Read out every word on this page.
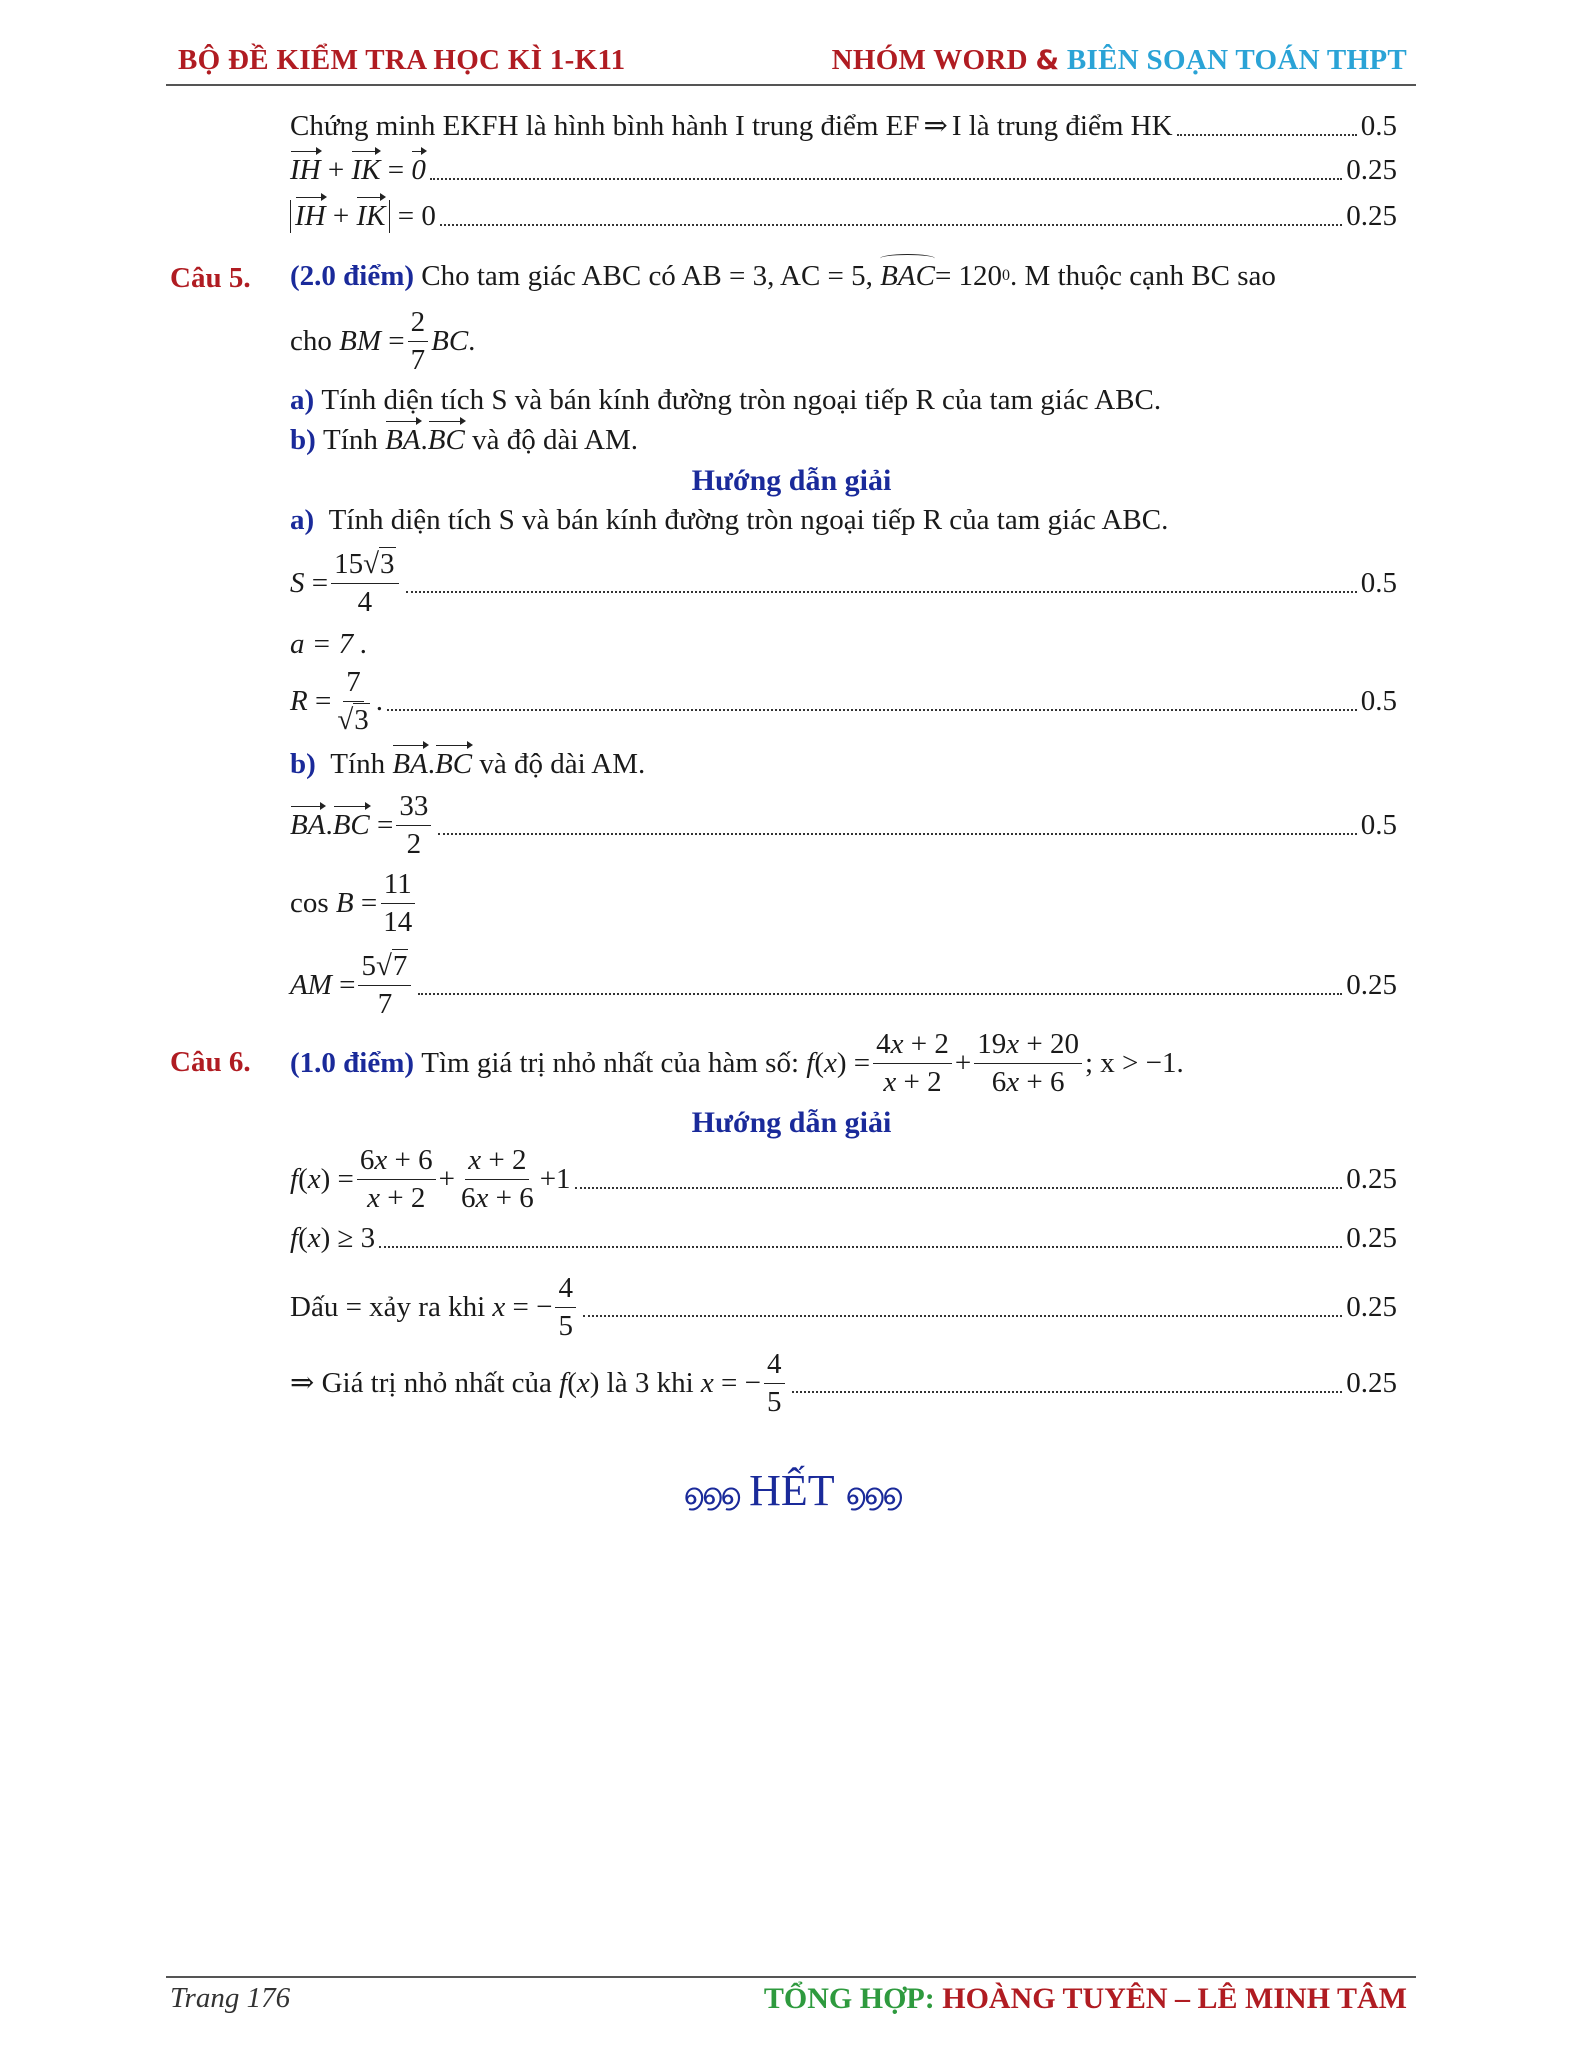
BỘ ĐỀ KIỂM TRA HỌC KÌ 1-K11	NHÓM WORD & BIÊN SOẠN TOÁN THPT
Chứng minh EKFH là hình bình hành I trung điểm EF ⇒ I là trung điểm HK	0.5
IH + IK = 0	0.25
IH + IK = 0	0.25
Câu 5. (2.0 điểm)
Cho tam giác ABC có AB = 3, AC = 5,
BAC = 120 0 . M thuộc cạnh BC sao
cho
BM = $\frac{2}{7}$ BC .
a)
Tính diện tích S và bán kính đường tròn ngoại tiếp R của tam giác ABC.
b)
Tính
BA . BC
và độ dài AM.
Hướng dẫn giải
a)
Tính diện tích S và bán kính đường tròn ngoại tiếp R của tam giác ABC.
$S = \frac{15√3}{4}$	0.5
a = 7 .
$R = \frac{7}{√3}$ .	0.5
b)
Tính
BA . BC
và độ dài AM.
BA . BC = $\frac{33}{2}$	0.5
$\cos B = \frac{11}{14}$
AM = $\frac{5√7}{7}$	0.25
Câu 6. (1.0 điểm)
Tìm giá trị nhỏ nhất của hàm số:
f ( x ) = $\frac{4x + 2}{x + 2} + \frac{19x + 20}{6x + 6}$ ; x > −1.
Hướng dẫn giải
f ( x ) = $\frac{6x + 6}{x + 2} + \frac{x + 2}{6x + 6} +1$	0.25
f ( x ) ≥ 3	0.25
Dấu = xảy ra khi
x = − $\frac{4}{5}$	0.25
⇒
Giá trị nhỏ nhất của
f ( x ) là 3 khi
x = − $\frac{4}{5}$	0.25
൭൭൭ HẾT ൭൭൭
Trang 176	TỔNG HỢP: HOÀNG TUYÊN – LÊ MINH TÂM
